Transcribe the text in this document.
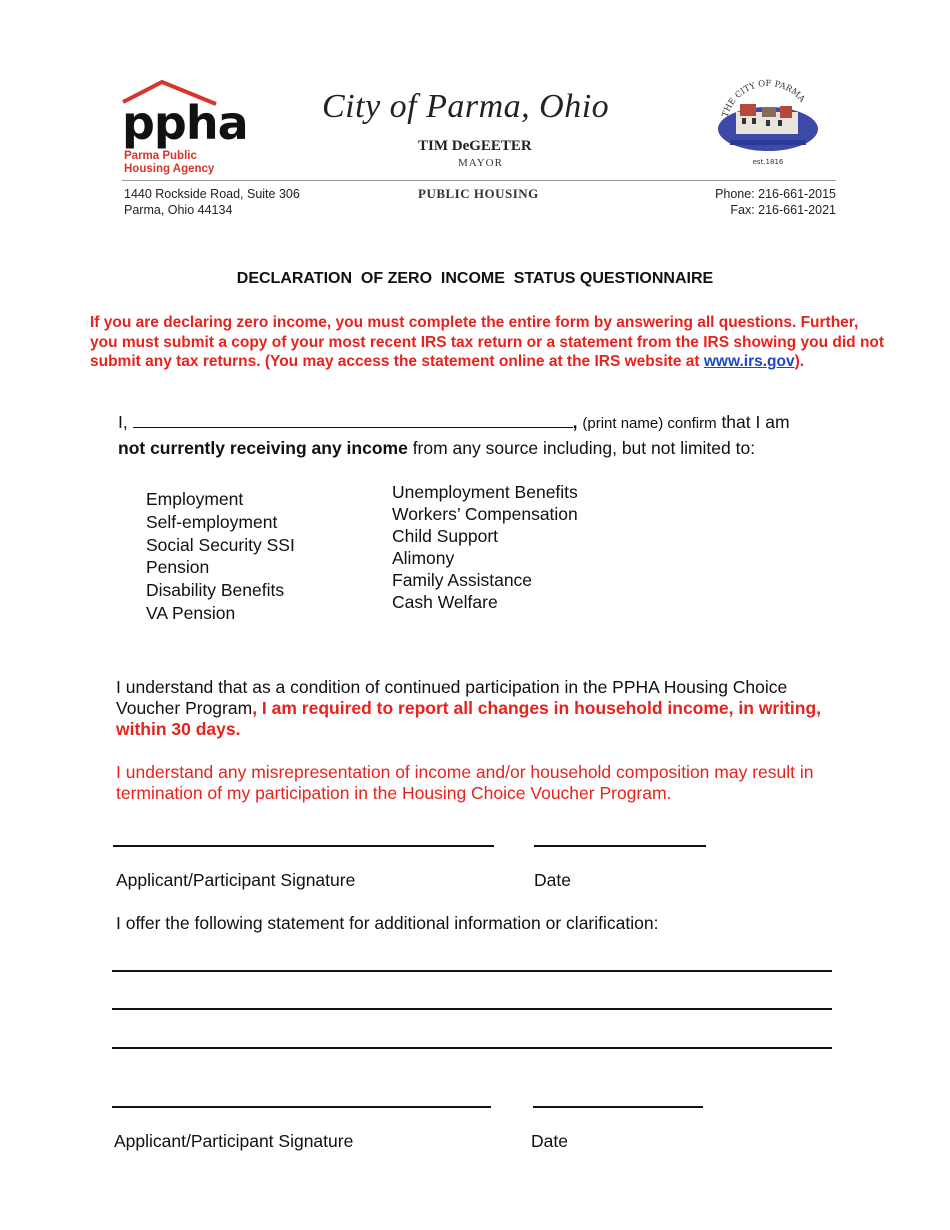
ppha
Parma Public
Housing Agency
City of Parma, Ohio
TIM DeGEETER
MAYOR
THE CITY OF PARMA
est.1816
1440 Rockside Road, Suite 306
Parma, Ohio 44134
PUBLIC HOUSING	Phone: 216-661-2015
Fax: 216-661-2021
DECLARATION  OF ZERO  INCOME  STATUS QUESTIONNAIRE
If you are declaring zero income, you must complete the entire form by answering all questions. Further, you must submit a copy of your most recent IRS tax return or a statement from the IRS showing you did not submit any tax returns. (You may access the statement online at the IRS website at www.irs.gov).
I,	, (print name) confirm that I am
not currently receiving any income from any source including, but not limited to:
Employment
Self-employment
Social Security SSI
Pension
Disability Benefits
VA Pension
Unemployment Benefits
Workers’ Compensation
Child Support
Alimony
Family Assistance
Cash Welfare
I understand that as a condition of continued participation in the PPHA Housing Choice Voucher Program, I am required to report all changes in household income, in writing, within 30 days.
I understand any misrepresentation of income and/or household composition may result in termination of my participation in the Housing Choice Voucher Program.
Applicant/Participant Signature	Date
I offer the following statement for additional information or clarification:
Applicant/Participant Signature	Date
